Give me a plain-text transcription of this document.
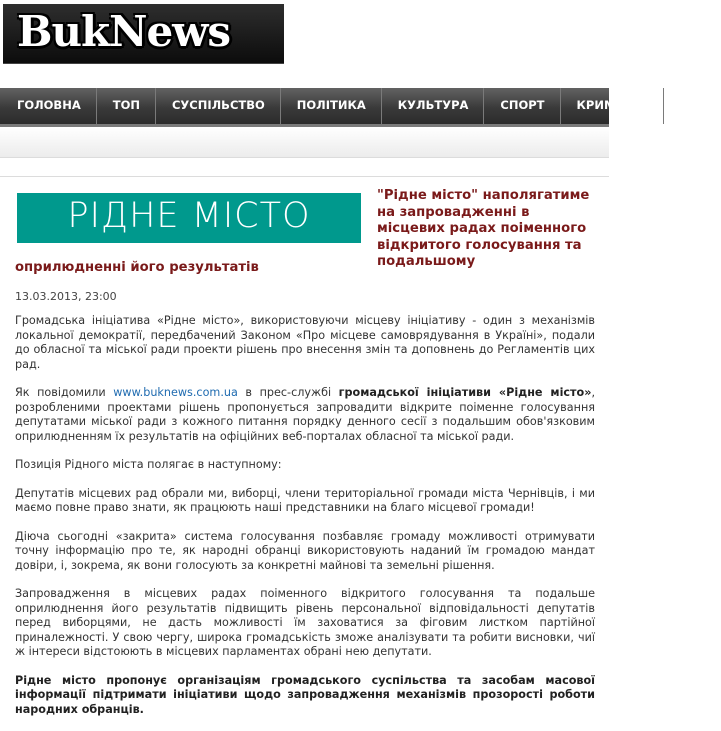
BukNews
ГОЛОВНА	ТОП	СУСПІЛЬСТВО	ПОЛІТИКА	КУЛЬТУРА	СПОРТ	КРИМІНАЛ	ГАЛ
РІДНЕ МІСТО
"Рідне місто" наполягатиме на запровадженні в місцевих радах поіменного відкритого голосування та подальшому
оприлюдненні його результатів
13.03.2013, 23:00

Громадська ініціатива «Рідне місто», використовуючи місцеву ініціативу - один з механізмів локальної демократії, передбачений Законом «Про місцеве самоврядування в Україні», подали до обласної та міської ради проекти рішень про внесення змін та доповнень до Регламентів цих рад.

Як повідомили www.buknews.com.ua в прес-службі громадської ініціативи «Рідне місто», розробленими проектами рішень пропонується запровадити відкрите поіменне голосування депутатами міської ради з кожного питання порядку денного сесії з подальшим обов'язковим оприлюдненням їх результатів на офіційних веб-порталах обласної та міської ради.

Позиція Рідного міста полягає в наступному:

Депутатів місцевих рад обрали ми, виборці, члени територіальної громади міста Чернівців, і ми маємо повне право знати, як працюють наші представники на благо місцевої громади!

Діюча сьогодні «закрита» система голосування позбавляє громаду можливості отримувати точну інформацію про те, як народні обранці використовують наданий їм громадою мандат довіри, і, зокрема, як вони голосують за конкретні майнові та земельні рішення.

Запровадження в місцевих радах поіменного відкритого голосування та подальше оприлюднення його результатів підвищить рівень персональної відповідальності депутатів перед виборцями, не дасть можливості їм заховатися за фіговим листком партійної приналежності. У свою чергу, широка громадськість зможе аналізувати та робити висновки, чиї ж інтереси відстоюють в місцевих парламентах обрані нею депутати.

Рідне місто пропонує організаціям громадського суспільства та засобам масової інформації підтримати ініціативи щодо запровадження механізмів прозорості роботи народних обранців.
